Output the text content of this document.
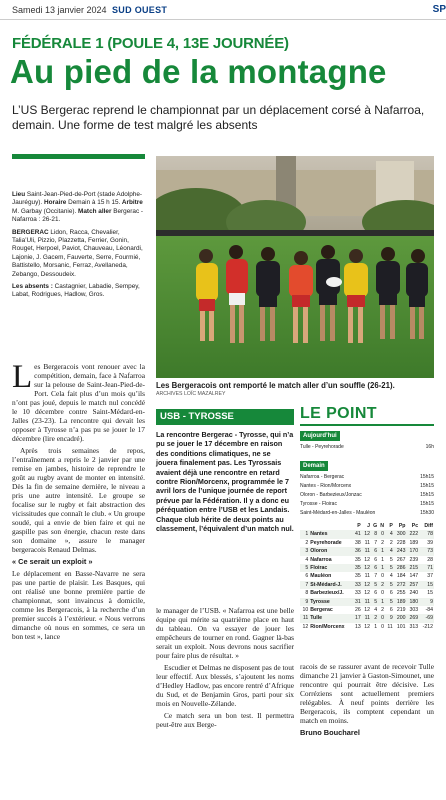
Samedi 13 janvier 2024 SUD OUEST	SP
FÉDÉRALE 1 (POULE 4, 13E JOURNÉE)
Au pied de la montagne
L’US Bergerac reprend le championnat par un déplacement corsé à Nafarroa, demain. Une forme de test malgré les absents

Lieu Saint-Jean-Pied-de-Port (stade Adolphe-Jauréguy). Horaire Demain à 15 h 15. Arbitre M. Garbay (Occitanie). Match aller Bergerac - Nafarroa : 26-21.

BERGERAC Lidon, Racca, Chevalier, Talia’Uli, Pizzio, Plazzetta, Ferrier, Gonin, Rouget, Herpoel, Paviot, Chauveau, Léonardi, Lajonie, J. Gacem, Fauverte, Serre, Fourmié, Battistello, Morsanic, Ferraz, Avellaneda, Zebango, Dessoudeix.

Les absents : Castagnier, Labadie, Sempey, Labat, Rodrigues, Hadlow, Gros.

Les Bergeracois vont renouer avec la compétition, demain, face à Nafarroa sur la pelouse de Saint-Jean-Pied-de-Port. Cela fait plus d’un mois qu’ils n’ont pas joué, depuis le match nul concédé le 10 décembre contre Saint-Médard-en-Jalles (23-23). La rencontre qui devait les opposer à Tyrosse n’a pas pu se jouer le 17 décembre (lire encadré).

Après trois semaines de repos, l’entraînement a repris le 2 janvier par une remise en jambes, histoire de reprendre le goût au rugby avant de monter en intensité. Dès la fin de semaine dernière, le niveau a pris une autre intensité. Le groupe se focalise sur le rugby et fait abstraction des vicissitudes que connaît le club. « Un groupe soudé, qui a envie de bien faire et qui ne gaspille pas son énergie, chacun reste dans son domaine », assure le manager bergeracois Renaud Delmas.

« Ce serait un exploit »

Le déplacement en Basse-Navarre ne sera pas une partie de plaisir. Les Basques, qui ont réalisé une bonne première partie de championnat, sont invaincus à domicile, comme les Bergeracois, à la recherche d’un premier succès à l’extérieur. « Nous verrons dimanche où nous en sommes, ce sera un bon test », lance

Les Bergeracois ont remporté le match aller d’un souffle (26-21).
ARCHIVES LOÏC MAZALREY
USB - TYROSSE
La rencontre Bergerac - Tyrosse, qui n’a pu se jouer le 17 décembre en raison des conditions climatiques, ne se jouera finalement pas. Les Tyrossais avaient déjà une rencontre en retard contre Rion/Morcenx, programmée le 7 avril lors de l’unique journée de report prévue par la Fédération. Il y a donc eu péréquation entre l’USB et les Landais. Chaque club hérite de deux points au classement, l’équivalent d’un match nul.

le manager de l’USB. « Nafarroa est une belle équipe qui mérite sa quatrième place en haut du tableau. On va essayer de jouer les empêcheurs de tourner en rond. Gagner là-bas serait un exploit. Nous devrons nous sacrifier pour faire plus de résultat. »

Escudier et Delmas ne disposent pas de tout leur effectif. Aux blessés, s’ajoutent les noms d’Hedley Hadlow, pas encore rentré d’Afrique du Sud, et de Benjamin Gros, parti pour six mois en Nouvelle-Zélande.

Ce match sera un bon test. Il permettra peut-être aux Berge-

LE POINT
Aujourd’hui
Tulle - Peyrehorade	16h
Demain
Nafarroa - Bergerac	15h15
Nantes - Rion/Morcenx	15h15
Oloron - Barbezieux/Jonzac	15h15
Tyrosse - Floirac	15h15
Saint-Médard-en-Jalles - Mauléon	15h30
		P	J	G	N	P	Pp	Pc	Diff
1	Nantes	41	12	8	0	4	300	222	78
2	Peyrehorade	38	11	7	2	2	228	189	39
3	Oloron	36	11	6	1	4	243	170	73
4	Nafarroa	35	12	6	1	5	267	239	28
5	Floirac	35	12	6	1	5	286	215	71
6	Mauléon	35	11	7	0	4	184	147	37
7	St-Médard-J.	33	12	5	2	5	272	257	15
8	Barbezieux/J.	33	12	6	0	6	255	240	15
9	Tyrosse	31	11	5	1	5	189	180	9
10	Bergerac	26	12	4	2	6	219	303	-84
11	Tulle	17	11	2	0	9	200	269	-69
12	Rion/Morcenx	13	12	1	0	11	101	313	-212

racois de se rassurer avant de recevoir Tulle dimanche 21 janvier à Gaston-Simounet, une rencontre qui pourrait être décisive. Les Corréziens sont actuellement premiers relégables. À neuf points derrière les Bergeracois, ils comptent cependant un match en moins.

Bruno Boucharel
